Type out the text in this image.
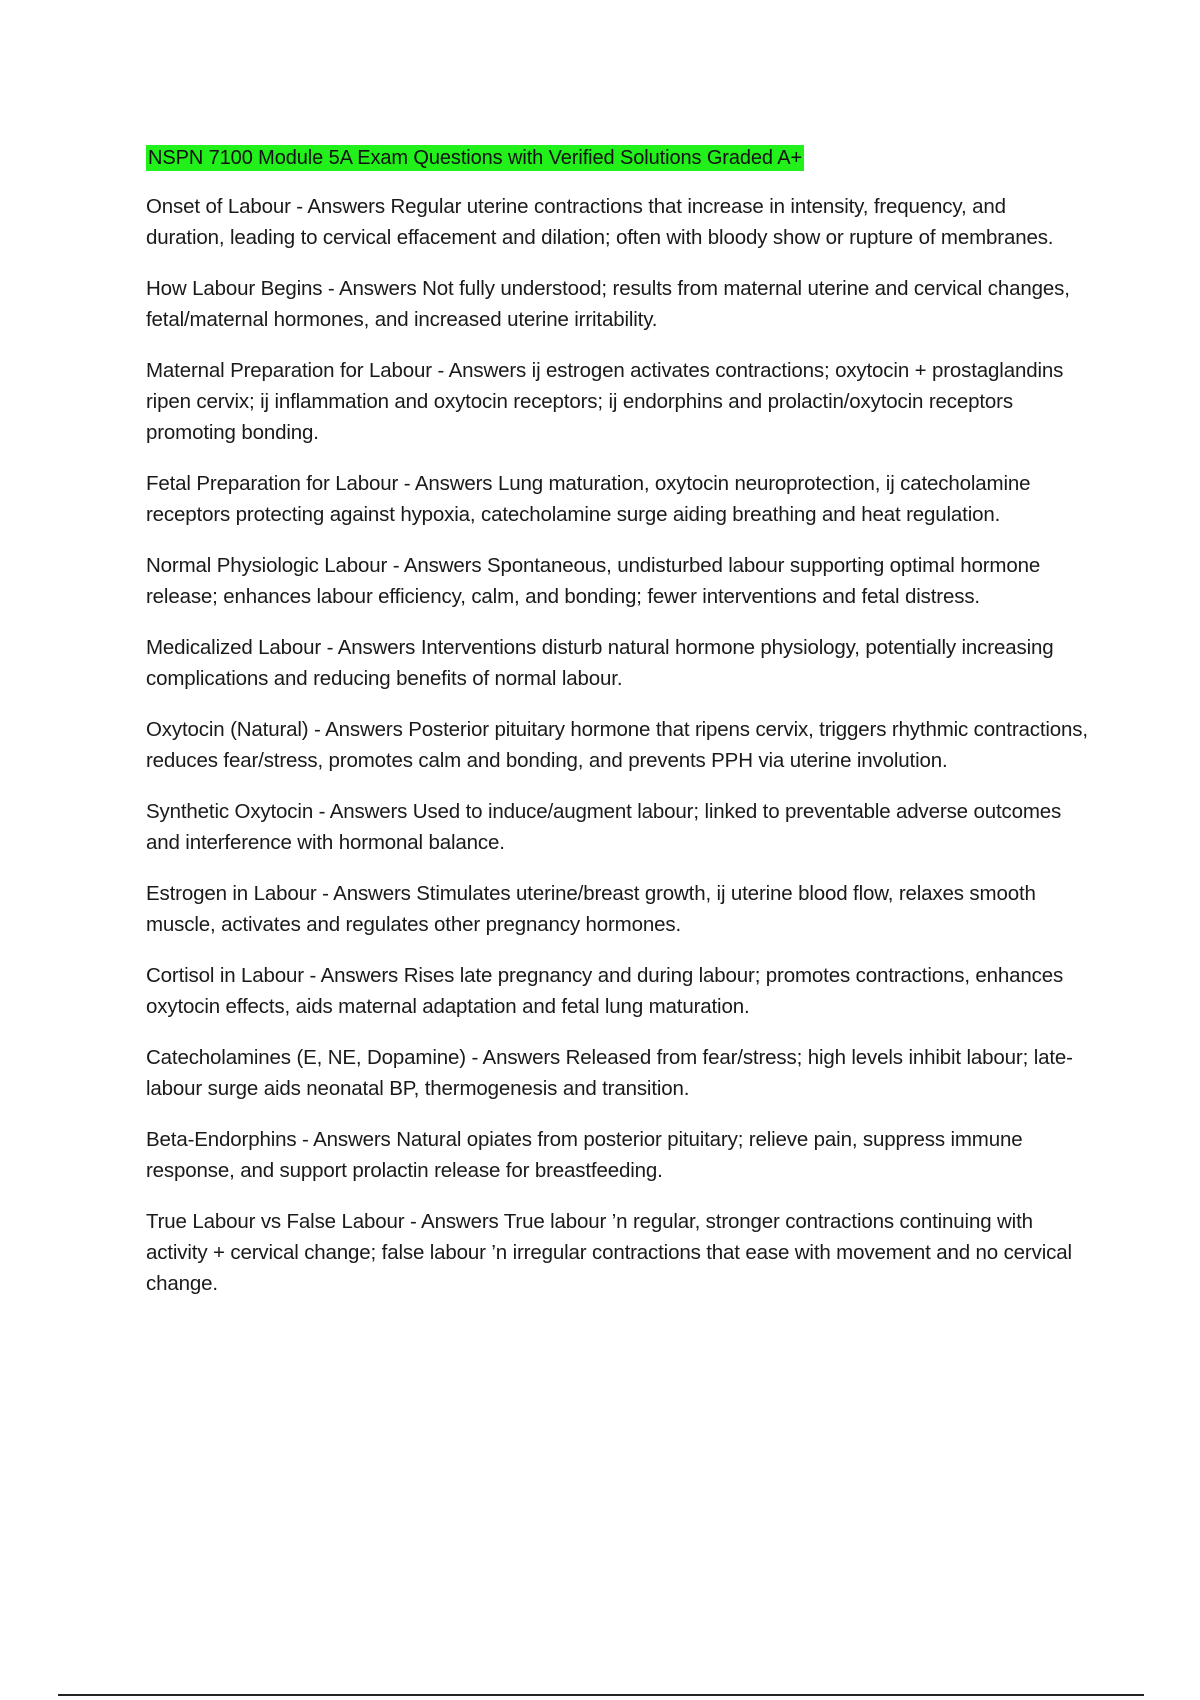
NSPN 7100 Module 5A Exam Questions with Verified Solutions Graded A+
Onset of Labour - Answers Regular uterine contractions that increase in intensity, frequency, and duration, leading to cervical effacement and dilation; often with bloody show or rupture of membranes.
How Labour Begins - Answers Not fully understood; results from maternal uterine and cervical changes, fetal/maternal hormones, and increased uterine irritability.
Maternal Preparation for Labour - Answers ij estrogen activates contractions; oxytocin + prostaglandins ripen cervix; ij inflammation and oxytocin receptors; ij endorphins and prolactin/oxytocin receptors promoting bonding.
Fetal Preparation for Labour - Answers Lung maturation, oxytocin neuroprotection, ij catecholamine receptors protecting against hypoxia, catecholamine surge aiding breathing and heat regulation.
Normal Physiologic Labour - Answers Spontaneous, undisturbed labour supporting optimal hormone release; enhances labour efficiency, calm, and bonding; fewer interventions and fetal distress.
Medicalized Labour - Answers Interventions disturb natural hormone physiology, potentially increasing complications and reducing benefits of normal labour.
Oxytocin (Natural) - Answers Posterior pituitary hormone that ripens cervix, triggers rhythmic contractions, reduces fear/stress, promotes calm and bonding, and prevents PPH via uterine involution.
Synthetic Oxytocin - Answers Used to induce/augment labour; linked to preventable adverse outcomes and interference with hormonal balance.
Estrogen in Labour - Answers Stimulates uterine/breast growth, ij uterine blood flow, relaxes smooth muscle, activates and regulates other pregnancy hormones.
Cortisol in Labour - Answers Rises late pregnancy and during labour; promotes contractions, enhances oxytocin effects, aids maternal adaptation and fetal lung maturation.
Catecholamines (E, NE, Dopamine) - Answers Released from fear/stress; high levels inhibit labour; late-labour surge aids neonatal BP, thermogenesis and transition.
Beta-Endorphins - Answers Natural opiates from posterior pituitary; relieve pain, suppress immune response, and support prolactin release for breastfeeding.
True Labour vs False Labour - Answers True labour ’n regular, stronger contractions continuing with activity + cervical change; false labour ’n irregular contractions that ease with movement and no cervical change.
